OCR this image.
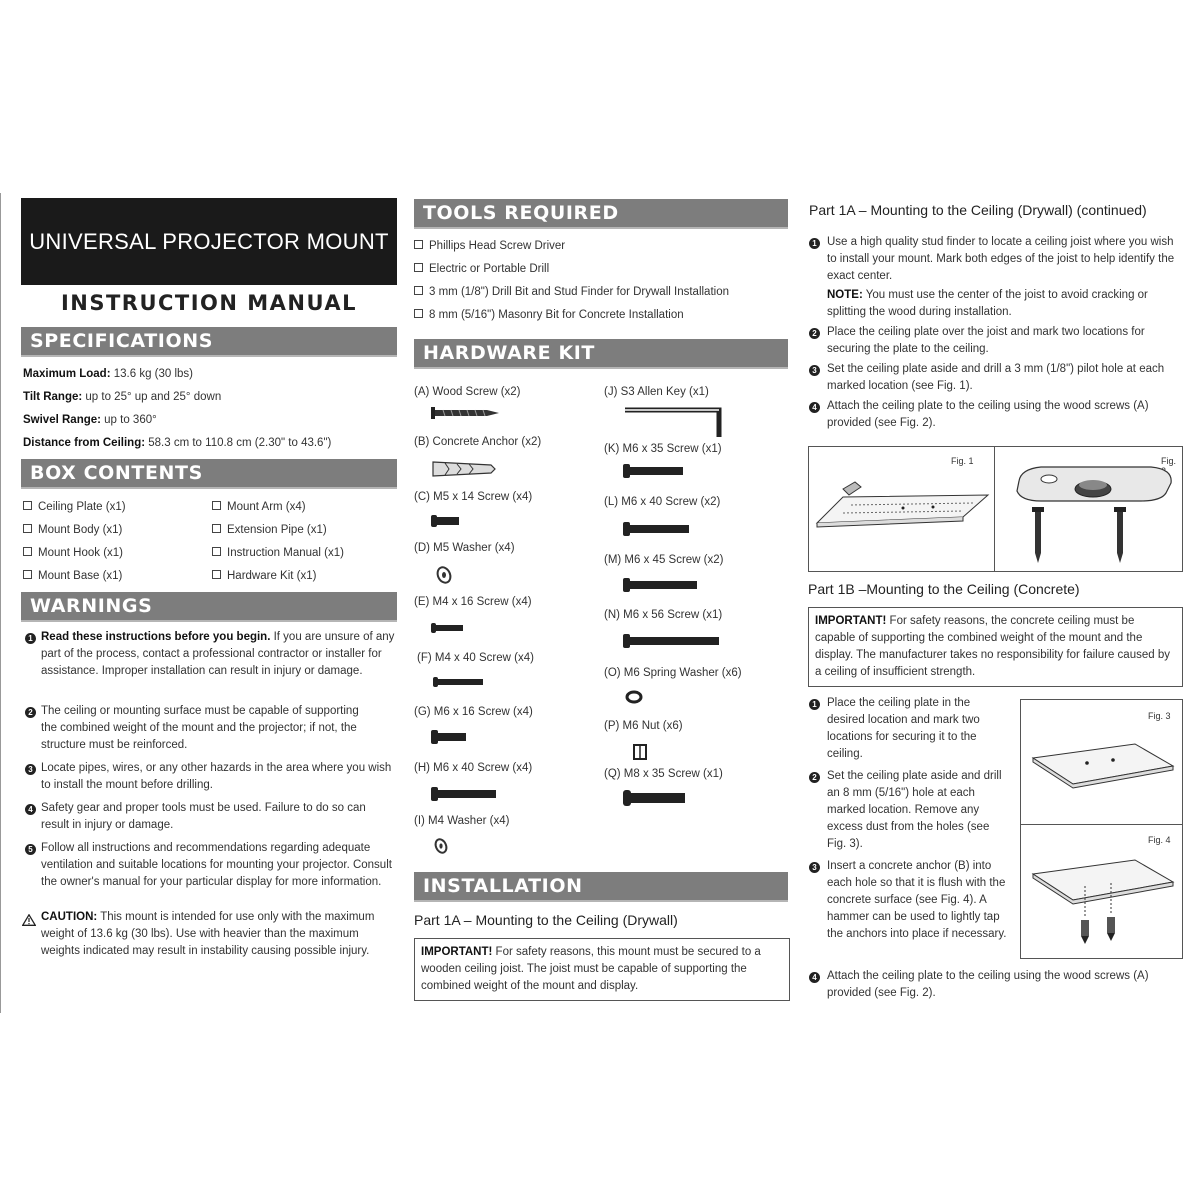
UNIVERSAL PROJECTOR MOUNT
INSTRUCTION MANUAL
SPECIFICATIONS
Maximum Load: 13.6 kg (30 lbs)
Tilt Range: up to 25° up and 25° down
Swivel Range: up to 360°
Distance from Ceiling: 58.3 cm to 110.8 cm (2.30" to 43.6")
BOX CONTENTS
Ceiling Plate (x1)
Mount Body (x1)
Mount Hook (x1)
Mount Base (x1)
Mount Arm (x4)
Extension Pipe (x1)
Instruction Manual (x1)
Hardware Kit (x1)
WARNINGS
1 Read these instructions before you begin. If you are unsure of any part of the process, contact a professional contractor or installer for assistance. Improper installation can result in injury or damage.
2 The ceiling or mounting surface must be capable of supporting the combined weight of the mount and the projector; if not, the structure must be reinforced.
3 Locate pipes, wires, or any other hazards in the area where you wish to install the mount before drilling.
4 Safety gear and proper tools must be used. Failure to do so can result in injury or damage.
5 Follow all instructions and recommendations regarding adequate ventilation and suitable locations for mounting your projector. Consult the owner's manual for your particular display for more information.
CAUTION: This mount is intended for use only with the maximum weight of 13.6 kg (30 lbs). Use with heavier than the maximum weights indicated may result in instability causing possible injury.
TOOLS REQUIRED
Phillips Head Screw Driver
Electric or Portable Drill
3 mm (1/8") Drill Bit and Stud Finder for Drywall Installation
8 mm (5/16") Masonry Bit for Concrete Installation
HARDWARE KIT
(A) Wood Screw (x2)
(B) Concrete Anchor (x2)
(C) M5 x 14 Screw (x4)
(D) M5 Washer (x4)
(E) M4 x 16 Screw (x4)
(F) M4 x 40 Screw (x4)
(G) M6 x 16 Screw (x4)
(H) M6 x 40 Screw (x4)
(I) M4 Washer (x4)
(J) S3 Allen Key (x1)
(K) M6 x 35 Screw (x1)
(L) M6 x 40 Screw (x2)
(M) M6 x 45 Screw (x2)
(N) M6 x 56 Screw (x1)
(O) M6 Spring Washer (x6)
(P) M6 Nut (x6)
(Q) M8 x 35 Screw (x1)
INSTALLATION
Part 1A – Mounting to the Ceiling (Drywall)
IMPORTANT! For safety reasons, this mount must be secured to a wooden ceiling joist. The joist must be capable of supporting the combined weight of the mount and display.
Part 1A – Mounting to the Ceiling (Drywall) (continued)
1 Use a high quality stud finder to locate a ceiling joist where you wish to install your mount. Mark both edges of the joist to help identify the exact center.
NOTE: You must use the center of the joist to avoid cracking or splitting the wood during installation.
2 Place the ceiling plate over the joist and mark two locations for securing the plate to the ceiling.
3 Set the ceiling plate aside and drill a 3 mm (1/8") pilot hole at each marked location (see Fig. 1).
4 Attach the ceiling plate to the ceiling using the wood screws (A) provided (see Fig. 2).
Fig. 1	Fig.
Part 1B –Mounting to the Ceiling (Concrete)
IMPORTANT! For safety reasons, the concrete ceiling must be capable of supporting the combined weight of the mount and the display. The manufacturer takes no responsibility for failure caused by a ceiling of insufficient strength.
1 Place the ceiling plate in the desired location and mark two locations for securing it to the ceiling.
2 Set the ceiling plate aside and drill an 8 mm (5/16") hole at each marked location. Remove any excess dust from the holes (see Fig. 3).
3 Insert a concrete anchor (B) into each hole so that it is flush with the concrete surface (see Fig. 4). A hammer can be used to lightly tap the anchors into place if necessary.
4 Attach the ceiling plate to the ceiling using the wood screws (A) provided (see Fig. 2).
Fig. 3
Fig. 4
